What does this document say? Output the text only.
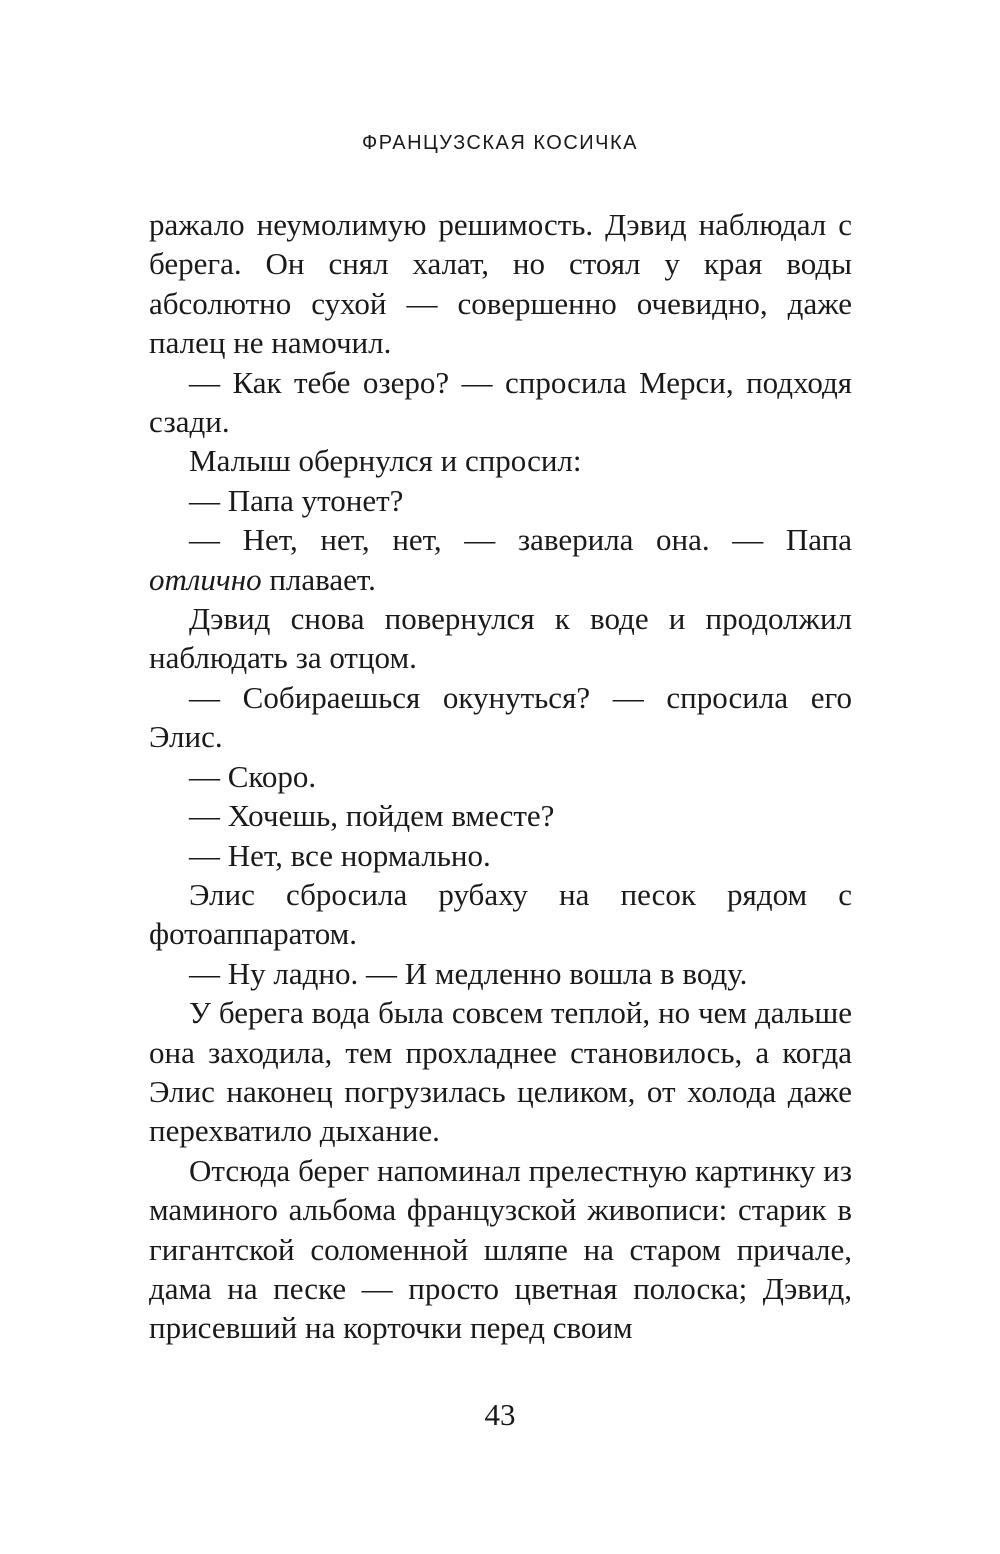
ФРАНЦУЗСКАЯ КОСИЧКА

ражало неумолимую решимость. Дэвид наблюдал с берега. Он снял халат, но стоял у края воды абсолютно сухой — совершенно очевидно, даже палец не намочил.

— Как тебе озеро? — спросила Мерси, подходя сзади.

Малыш обернулся и спросил:

— Папа утонет?

— Нет, нет, нет, — заверила она. — Папа отлично плавает.

Дэвид снова повернулся к воде и продолжил наблюдать за отцом.

— Собираешься окунуться? — спросила его Элис.

— Скоро.

— Хочешь, пойдем вместе?

— Нет, все нормально.

Элис сбросила рубаху на песок рядом с фотоаппаратом.

— Ну ладно. — И медленно вошла в воду.

У берега вода была совсем теплой, но чем дальше она заходила, тем прохладнее становилось, а когда Элис наконец погрузилась целиком, от холода даже перехватило дыхание.

Отсюда берег напоминал прелестную картинку из маминого альбома французской живописи: старик в гигантской соломенной шляпе на старом причале, дама на песке — просто цветная полоска; Дэвид, присевший на корточки перед своим

43
